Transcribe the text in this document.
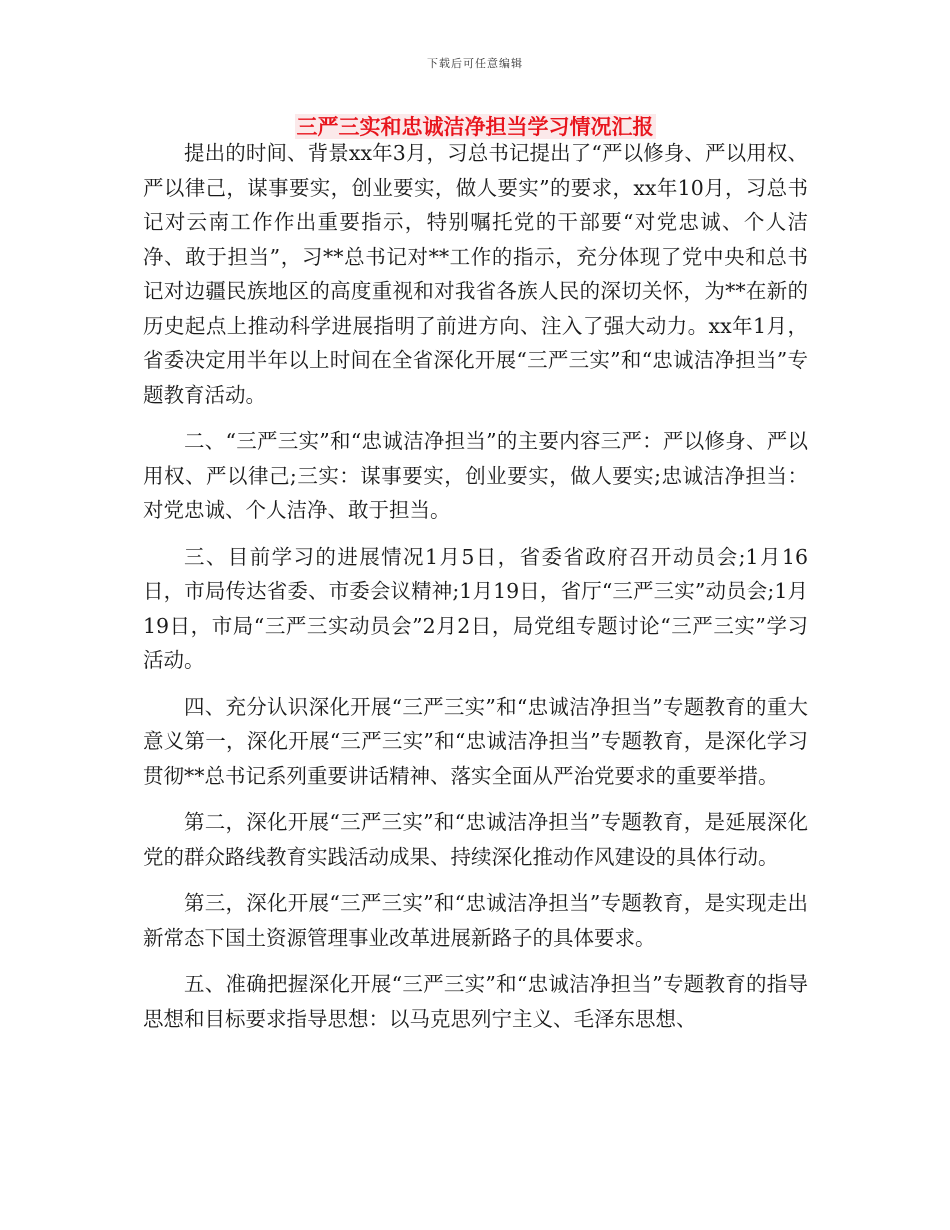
下载后可任意编辑
三严三实和忠诚洁净担当学习情况汇报

提出的时间、背景xx年3月，习总书记提出了“严以修身、严以用权、严以律己，谋事要实，创业要实，做人要实”的要求，xx年10月，习总书记对云南工作作出重要指示，特别嘱托党的干部要“对党忠诚、个人洁净、敢于担当”，习**总书记对**工作的指示，充分体现了党中央和总书记对边疆民族地区的高度重视和对我省各族人民的深切关怀，为**在新的历史起点上推动科学进展指明了前进方向、注入了强大动力。xx年1月，省委决定用半年以上时间在全省深化开展“三严三实”和“忠诚洁净担当”专题教育活动。

二、“三严三实”和“忠诚洁净担当”的主要内容三严：严以修身、严以用权、严以律己;三实：谋事要实，创业要实，做人要实;忠诚洁净担当：对党忠诚、个人洁净、敢于担当。

三、目前学习的进展情况1月5日，省委省政府召开动员会;1月16日，市局传达省委、市委会议精神;1月19日，省厅“三严三实”动员会;1月19日，市局“三严三实动员会”2月2日，局党组专题讨论“三严三实”学习活动。

四、充分认识深化开展“三严三实”和“忠诚洁净担当”专题教育的重大意义第一，深化开展“三严三实”和“忠诚洁净担当”专题教育，是深化学习贯彻**总书记系列重要讲话精神、落实全面从严治党要求的重要举措。

第二，深化开展“三严三实”和“忠诚洁净担当”专题教育，是延展深化党的群众路线教育实践活动成果、持续深化推动作风建设的具体行动。

第三，深化开展“三严三实”和“忠诚洁净担当”专题教育，是实现走出新常态下国土资源管理事业改革进展新路子的具体要求。

五、准确把握深化开展“三严三实”和“忠诚洁净担当”专题教育的指导思想和目标要求指导思想：以马克思列宁主义、毛泽东思想、
